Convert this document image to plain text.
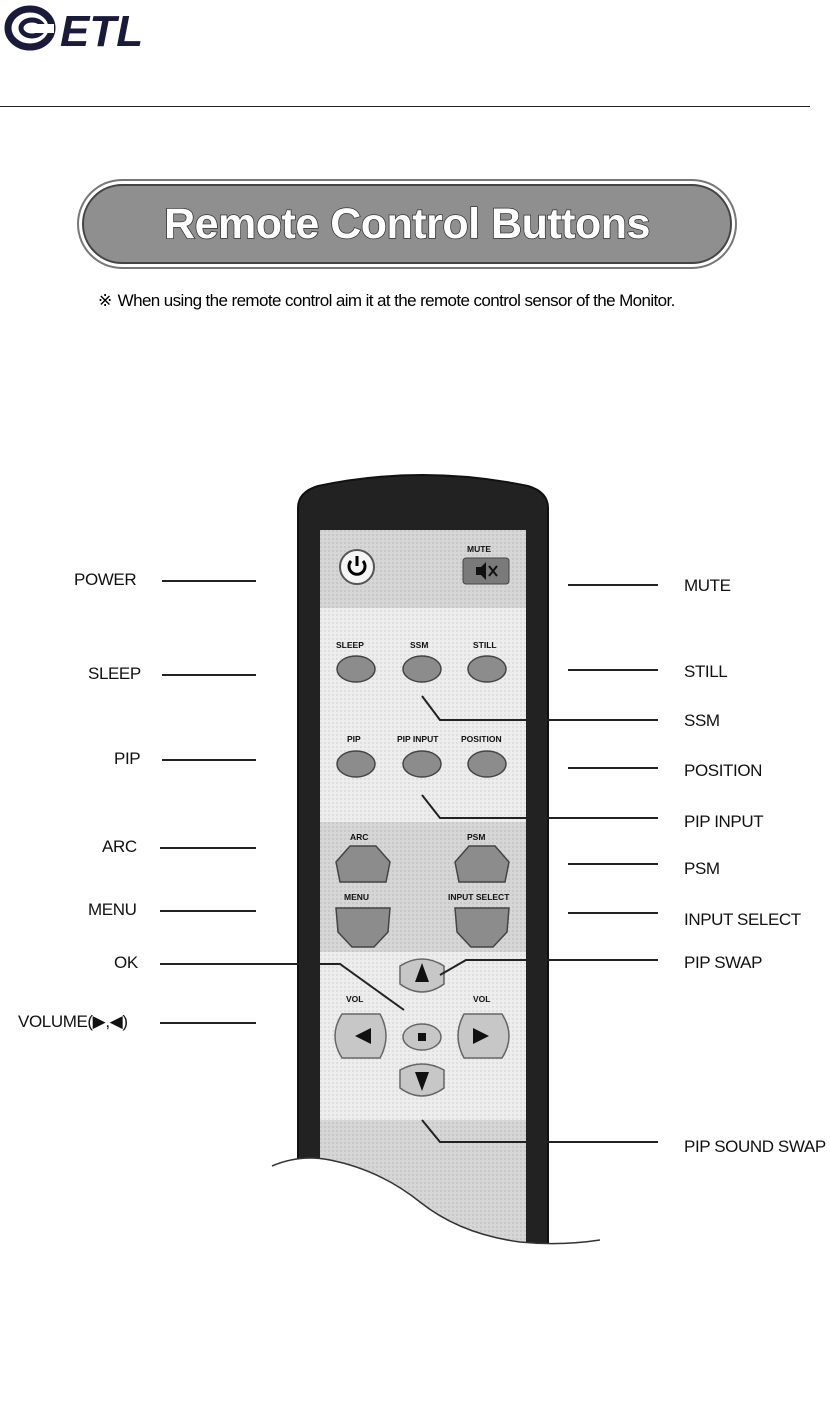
ETL
Remote Control Buttons
※ When using the remote control aim it at the remote control sensor of the Monitor.
MUTE
SLEEP	SSM	STILL
PIP	PIP INPUT	POSITION
ARC	PSM
MENU	INPUT SELECT
VOL	VOL
POWER
SLEEP
PIP
ARC
MENU
OK
VOLUME(▶,◀)
MUTE
STILL
SSM
POSITION
PIP INPUT
PSM
INPUT SELECT
PIP SWAP
PIP SOUND SWAP
